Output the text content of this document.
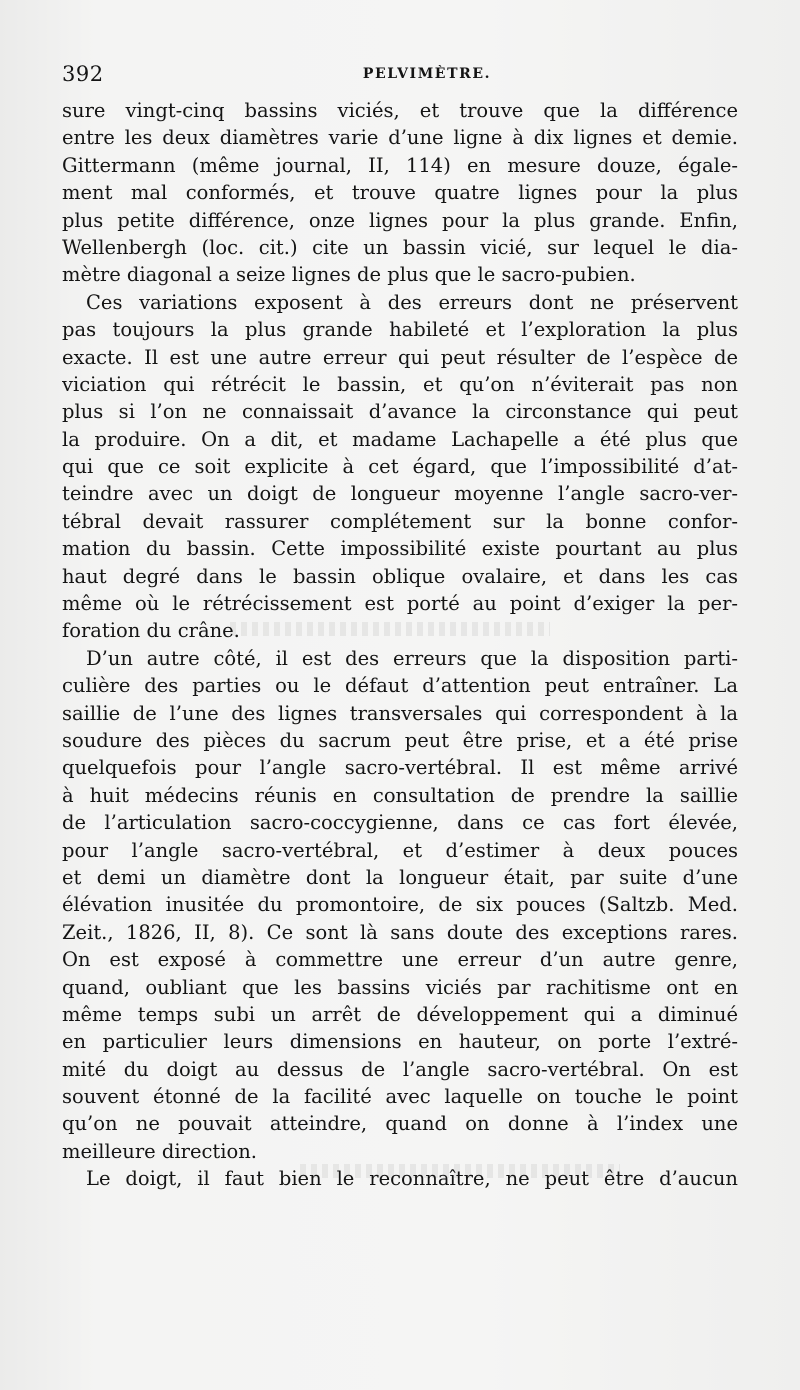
392	PELVIMÈTRE.
sure vingt-cinq bassins viciés, et trouve que la différence
entre les deux diamètres varie d’une ligne à dix lignes et demie.
Gittermann (même journal, II, 114) en mesure douze, égale-
ment mal conformés, et trouve quatre lignes pour la plus
plus petite différence, onze lignes pour la plus grande. Enfin,
Wellenbergh (loc. cit.) cite un bassin vicié, sur lequel le dia-
mètre diagonal a seize lignes de plus que le sacro-pubien.
Ces variations exposent à des erreurs dont ne préservent
pas toujours la plus grande habileté et l’exploration la plus
exacte. Il est une autre erreur qui peut résulter de l’espèce de
viciation qui rétrécit le bassin, et qu’on n’éviterait pas non
plus si l’on ne connaissait d’avance la circonstance qui peut
la produire. On a dit, et madame Lachapelle a été plus que
qui que ce soit explicite à cet égard, que l’impossibilité d’at-
teindre avec un doigt de longueur moyenne l’angle sacro-ver-
tébral devait rassurer complétement sur la bonne confor-
mation du bassin. Cette impossibilité existe pourtant au plus
haut degré dans le bassin oblique ovalaire, et dans les cas
même où le rétrécissement est porté au point d’exiger la per-
foration du crâne.
D’un autre côté, il est des erreurs que la disposition parti-
culière des parties ou le défaut d’attention peut entraîner. La
saillie de l’une des lignes transversales qui correspondent à la
soudure des pièces du sacrum peut être prise, et a été prise
quelquefois pour l’angle sacro-vertébral. Il est même arrivé
à huit médecins réunis en consultation de prendre la saillie
de l’articulation sacro-coccygienne, dans ce cas fort élevée,
pour l’angle sacro-vertébral, et d’estimer à deux pouces
et demi un diamètre dont la longueur était, par suite d’une
élévation inusitée du promontoire, de six pouces (Saltzb. Med.
Zeit., 1826, II, 8). Ce sont là sans doute des exceptions rares.
On est exposé à commettre une erreur d’un autre genre,
quand, oubliant que les bassins viciés par rachitisme ont en
même temps subi un arrêt de développement qui a diminué
en particulier leurs dimensions en hauteur, on porte l’extré-
mité du doigt au dessus de l’angle sacro-vertébral. On est
souvent étonné de la facilité avec laquelle on touche le point
qu’on ne pouvait atteindre, quand on donne à l’index une
meilleure direction.
Le doigt, il faut bien le reconnaître, ne peut être d’aucun
